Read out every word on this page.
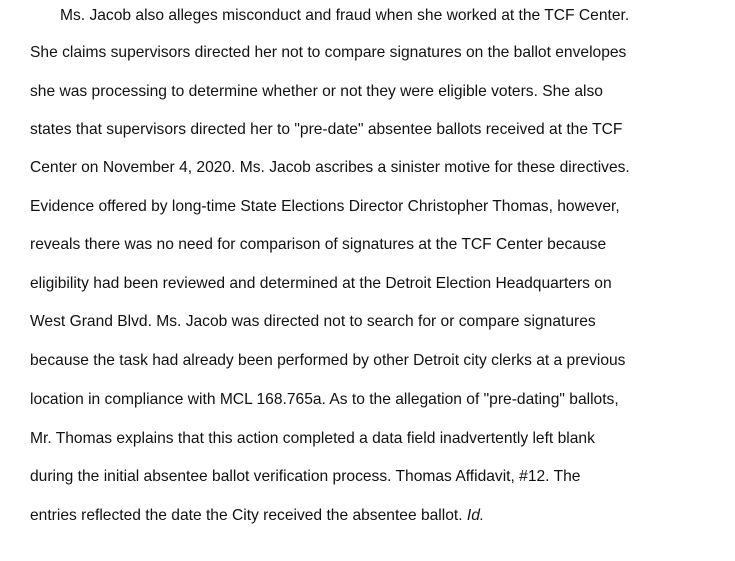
Ms. Jacob also alleges misconduct and fraud when she worked at the TCF Center.
She claims supervisors directed her not to compare signatures on the ballot envelopes
she was processing to determine whether or not they were eligible voters. She also
states that supervisors directed her to "pre-date" absentee ballots received at the TCF
Center on November 4, 2020. Ms. Jacob ascribes a sinister motive for these directives.
Evidence offered by long-time State Elections Director Christopher Thomas, however,
reveals there was no need for comparison of signatures at the TCF Center because
eligibility had been reviewed and determined at the Detroit Election Headquarters on
West Grand Blvd. Ms. Jacob was directed not to search for or compare signatures
because the task had already been performed by other Detroit city clerks at a previous
location in compliance with MCL 168.765a. As to the allegation of "pre-dating" ballots,
Mr. Thomas explains that this action completed a data field inadvertently left blank
during the initial absentee ballot verification process. Thomas Affidavit, #12. The
entries reflected the date the City received the absentee ballot. Id.
